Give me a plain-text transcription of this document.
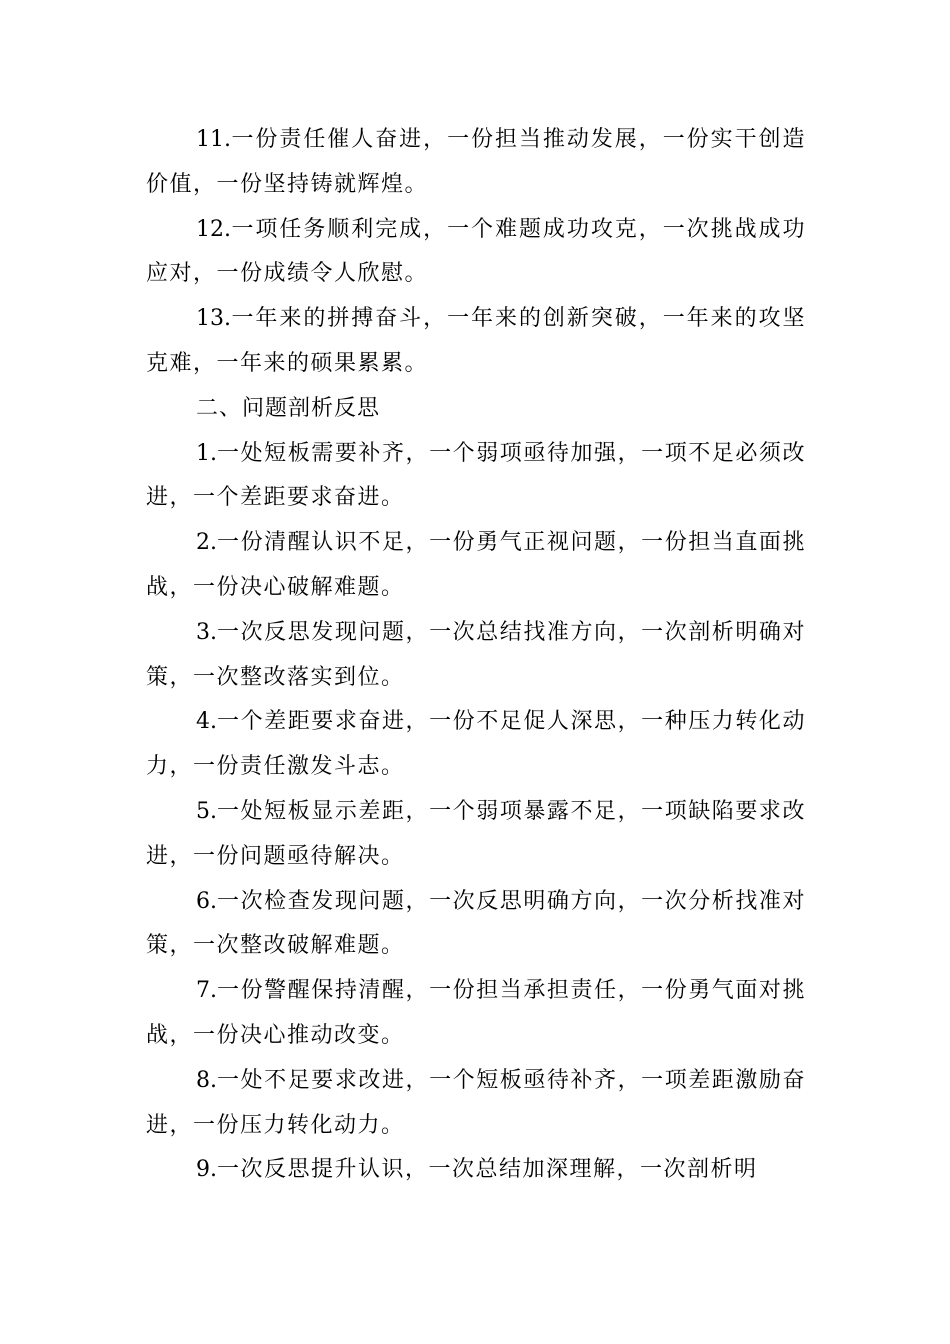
11.一份责任催人奋进，一份担当推动发展，一份实干创造价值，一份坚持铸就辉煌。

12.一项任务顺利完成，一个难题成功攻克，一次挑战成功应对，一份成绩令人欣慰。

13.一年来的拼搏奋斗，一年来的创新突破，一年来的攻坚克难，一年来的硕果累累。

二、问题剖析反思

1.一处短板需要补齐，一个弱项亟待加强，一项不足必须改进，一个差距要求奋进。

2.一份清醒认识不足，一份勇气正视问题，一份担当直面挑战，一份决心破解难题。

3.一次反思发现问题，一次总结找准方向，一次剖析明确对策，一次整改落实到位。

4.一个差距要求奋进，一份不足促人深思，一种压力转化动力，一份责任激发斗志。

5.一处短板显示差距，一个弱项暴露不足，一项缺陷要求改进，一份问题亟待解决。

6.一次检查发现问题，一次反思明确方向，一次分析找准对策，一次整改破解难题。

7.一份警醒保持清醒，一份担当承担责任，一份勇气面对挑战，一份决心推动改变。

8.一处不足要求改进，一个短板亟待补齐，一项差距激励奋进，一份压力转化动力。

9.一次反思提升认识，一次总结加深理解，一次剖析明
